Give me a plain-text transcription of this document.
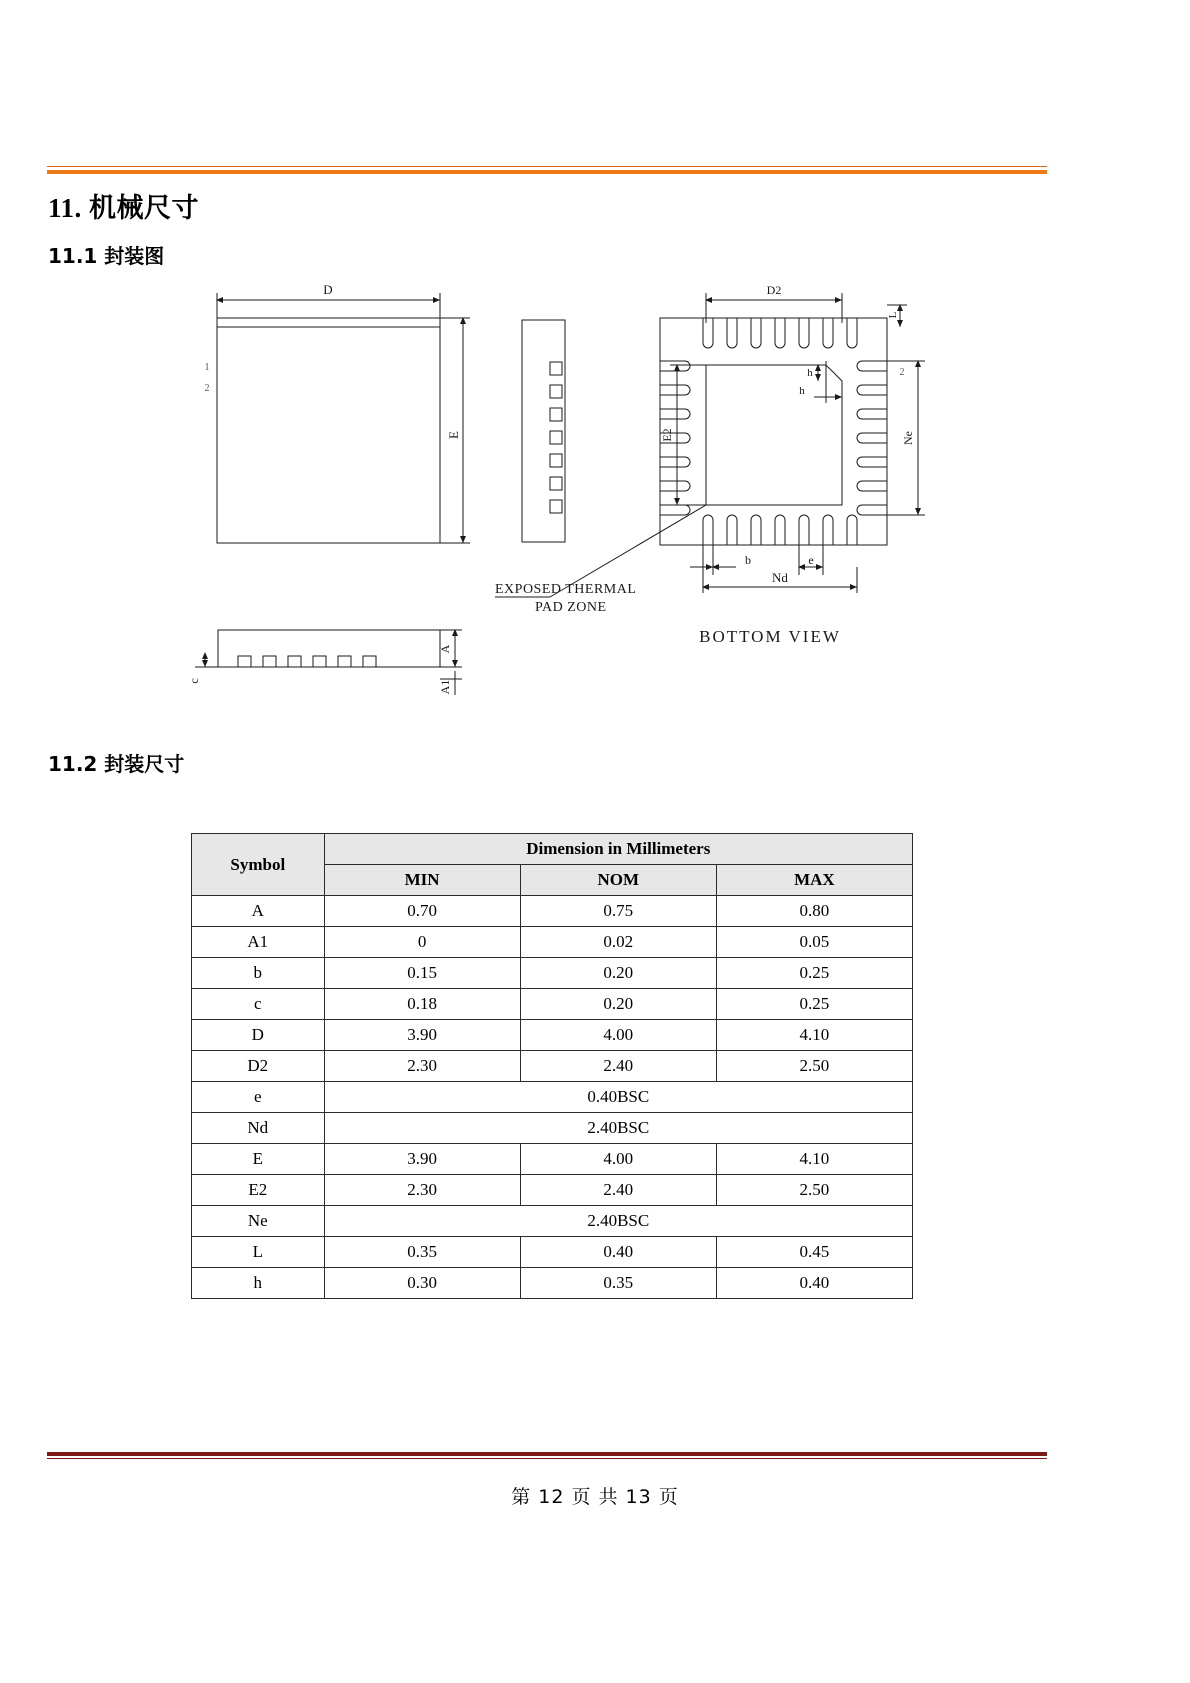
11. 机械尺寸
11.1 封装图
11.2 封装尺寸
D
E
1
2
D2
h
h
E2
L
Ne
2
b	e
Nd
EXPOSED THERMAL
PAD ZONE
BOTTOM VIEW
A
A1
c
Symbol	Dimension in Millimeters		
	MIN	NOM	MAX
A	0.70	0.75	0.80
A1	0	0.02	0.05
b	0.15	0.20	0.25
c	0.18	0.20	0.25
D	3.90	4.00	4.10
D2	2.30	2.40	2.50
e	0.40BSC		
Nd	2.40BSC		
E	3.90	4.00	4.10
E2	2.30	2.40	2.50
Ne	2.40BSC		
L	0.35	0.40	0.45
h	0.30	0.35	0.40
第 12 页 共 13 页
